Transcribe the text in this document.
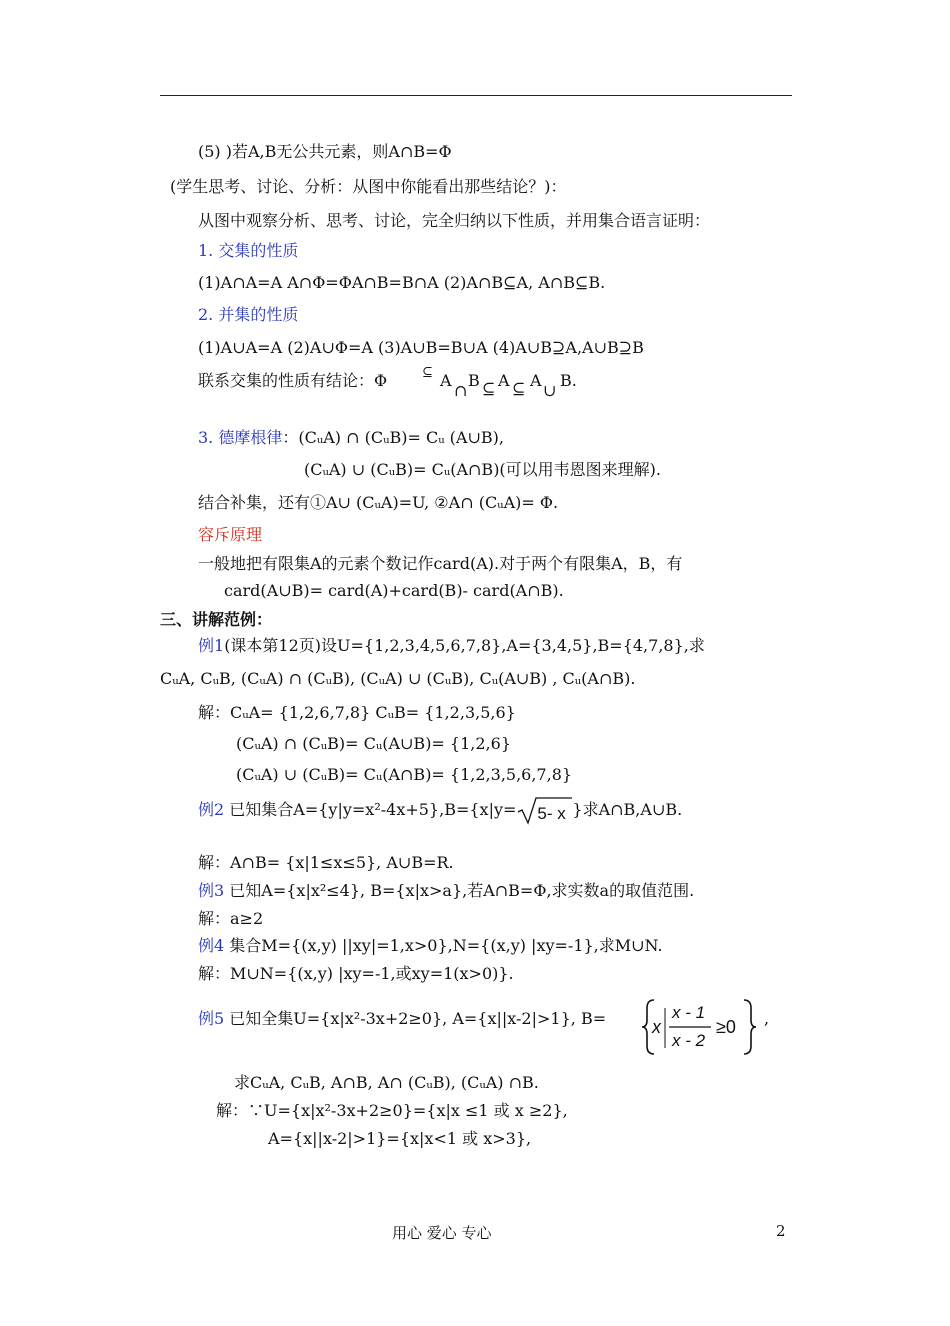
(5) )若A,B无公共元素，则A∩B=Φ
(学生思考、讨论、分析：从图中你能看出那些结论？)：
从图中观察分析、思考、讨论，完全归纳以下性质，并用集合语言证明：
1. 交集的性质
(1)A∩A=A A∩Φ=ΦA∩B=B∩A (2)A∩B⊆A, A∩B⊆B.
2. 并集的性质
(1)A∪A=A (2)A∪Φ=A (3)A∪B=B∪A (4)A∪B⊇A,A∪B⊇B
联系交集的性质有结论：Φ	⊆ A
∩
B ⊆ A ⊆ A
∪
B.
3. 德摩根律：(CᵤA) ∩ (CᵤB)= Cᵤ (A∪B),
(CᵤA) ∪ (CᵤB)= Cᵤ(A∩B)(可以用韦恩图来理解).
结合补集，还有①A∪ (CᵤA)=U, ②A∩ (CᵤA)= Φ.
容斥原理
一般地把有限集A的元素个数记作card(A).对于两个有限集A，B，有
card(A∪B)= card(A)+card(B)- card(A∩B).
三、讲解范例：
例1(课本第12页)设U={1,2,3,4,5,6,7,8},A={3,4,5},B={4,7,8},求
CᵤA, CᵤB, (CᵤA) ∩ (CᵤB), (CᵤA) ∪ (CᵤB), Cᵤ(A∪B) , Cᵤ(A∩B).
解：CᵤA= {1,2,6,7,8} CᵤB= {1,2,3,5,6}
(CᵤA) ∩ (CᵤB)= Cᵤ(A∪B)= {1,2,6}
(CᵤA) ∪ (CᵤB)= Cᵤ(A∩B)= {1,2,3,5,6,7,8}
例2 已知集合A={y|y=x²-4x+5},B={x|y= 5- x }求A∩B,A∪B.
解：A∩B= {x|1≤x≤5}, A∪B=R.
例3 已知A={x|x²≤4}, B={x|x>a},若A∩B=Φ,求实数a的取值范围.
解：a≥2
例4 集合M={(x,y) ||xy|=1,x>0},N={(x,y) |xy=-1},求M∪N.
解：M∪N={(x,y) |xy=-1,或xy=1(x>0)}.
例5 已知全集U={x|x²-3x+2≥0}, A={x||x-2|>1}, B=	x
x - 1
x - 2
≥0 ,
求CᵤA, CᵤB, A∩B, A∩ (CᵤB), (CᵤA) ∩B.
解：∵U={x|x²-3x+2≥0}={x|x ≤1 或 x ≥2},
A={x||x-2|>1}={x|x<1 或 x>3},
用心 爱心 专心	2
